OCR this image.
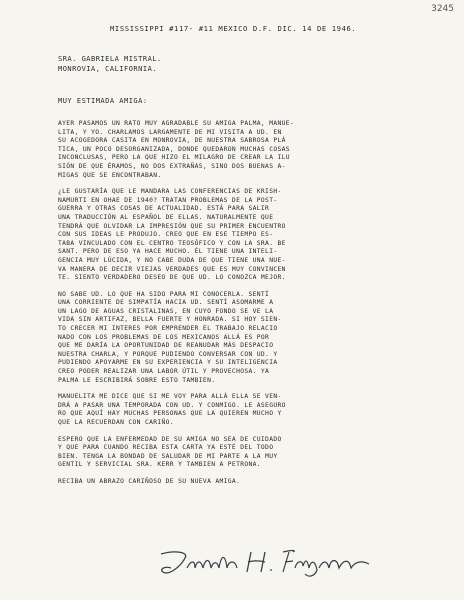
3245
MISSISSIPPI #117- #11 MEXICO D.F. DIC. 14 DE 1946.
SRA. GABRIELA MISTRAL.
MONROVIA, CALIFORNIA.
MUY ESTIMADA AMIGA:
AYER PASAMOS UN RATO MUY AGRADABLE SU AMIGA PALMA, MANUE-
LITA, Y YO. CHARLAMOS LARGAMENTE DE MI VISITA A UD. EN
SU ACOGEDORA CASITA EN MONROVIA, DE NUESTRA SABROSA PLÁ
TICA, UN POCO DESORGANIZADA, DONDE QUEDARON MUCHAS COSAS
INCONCLUSAS, PERO LA QUE HIZO EL MILAGRO DE CREAR LA ILU
SIÓN DE QUE ÉRAMOS, NO DOS EXTRAÑAS, SINO DOS BUENAS A-
MIGAS QUE SE ENCONTRABAN.
¿LE GUSTARÍA QUE LE MANDARA LAS CONFERENCIAS DE KRISH-
NAMURTI EN OHAE DE 1940? TRATAN PROBLEMAS DE LA POST-
GUERRA Y OTRAS COSAS DE ACTUALIDAD. ESTÁ PARA SALIR
UNA TRADUCCIÓN AL ESPAÑOL DE ELLAS. NATURALMENTE QUE
TENDRÁ QUE OLVIDAR LA IMPRESIÓN QUE SU PRIMER ENCUENTRO
CON SUS IDEAS LE PRODUJO. CREO QUE EN ESE TIEMPO ES-
TABA VINCULADO CON EL CENTRO TEOSÓFICO Y CON LA SRA. BE
SANT. PERO DE ESO YA HACE MUCHO. ÉL TIENE UNA INTELI-
GENCIA MUY LÚCIDA, Y NO CABE DUDA DE QUE TIENE UNA NUE-
VA MANERA DE DECIR VIEJAS VERDADES QUE ES MUY CONVINCEN
TE. SIENTO VERDADERO DESEO DE QUE UD. LO CONOZCA MEJOR.
NO SABE UD. LO QUE HA SIDO PARA MI CONOCERLA. SENTÍ
UNA CORRIENTE DE SIMPATÍA HACIA UD. SENTÍ ASOMARME A
UN LAGO DE AGUAS CRISTALINAS, EN CUYO FONDO SE VE LA
VIDA SIN ARTIFAZ, BELLA FUERTE Y HONRADA. SI HOY SIEN-
TO CRECER MI INTERES POR EMPRENDER EL TRABAJO RELACIO
NADO CON LOS PROBLEMAS DE LOS MEXICANOS ALLÁ ES POR
QUE ME DARÍA LA OPORTUNIDAD DE REANUDAR MÁS DESPACIO
NUESTRA CHARLA, Y PORQUE PUDIENDO CONVERSAR CON UD. Y
PUDIENDO APOYARME EN SU EXPERIENCIA Y SU INTELIGENCIA
CREO PODER REALIZAR UNA LABOR ÚTIL Y PROVECHOSA. YA
PALMA LE ESCRIBIRÁ SOBRE ESTO TAMBIEN.
MANUELITA ME DICE QUE SI ME VOY PARA ALLÁ ELLA SE VEN-
DRÁ A PASAR UNA TEMPORADA CON UD. Y CONMIGO. LE ASEGURO
RO QUE AQUÍ HAY MUCHAS PERSONAS QUE LA QUIEREN MUCHO Y
QUE LA RECUERDAN CON CARIÑO.
ESPERO QUE LA ENFERMEDAD DE SU AMIGA NO SEA DE CUIDADO
Y QUE PARA CUANDO RECIBA ESTA CARTA YA ESTÉ DEL TODO
BIEN. TENGA LA BONDAD DE SALUDAR DE MI PARTE A LA MUY
GENTIL Y SERVICIAL SRA. KERR Y TAMBIEN A PETRONA.
RECIBA UN ABRAZO CARIÑOSO DE SU NUEVA AMIGA.
